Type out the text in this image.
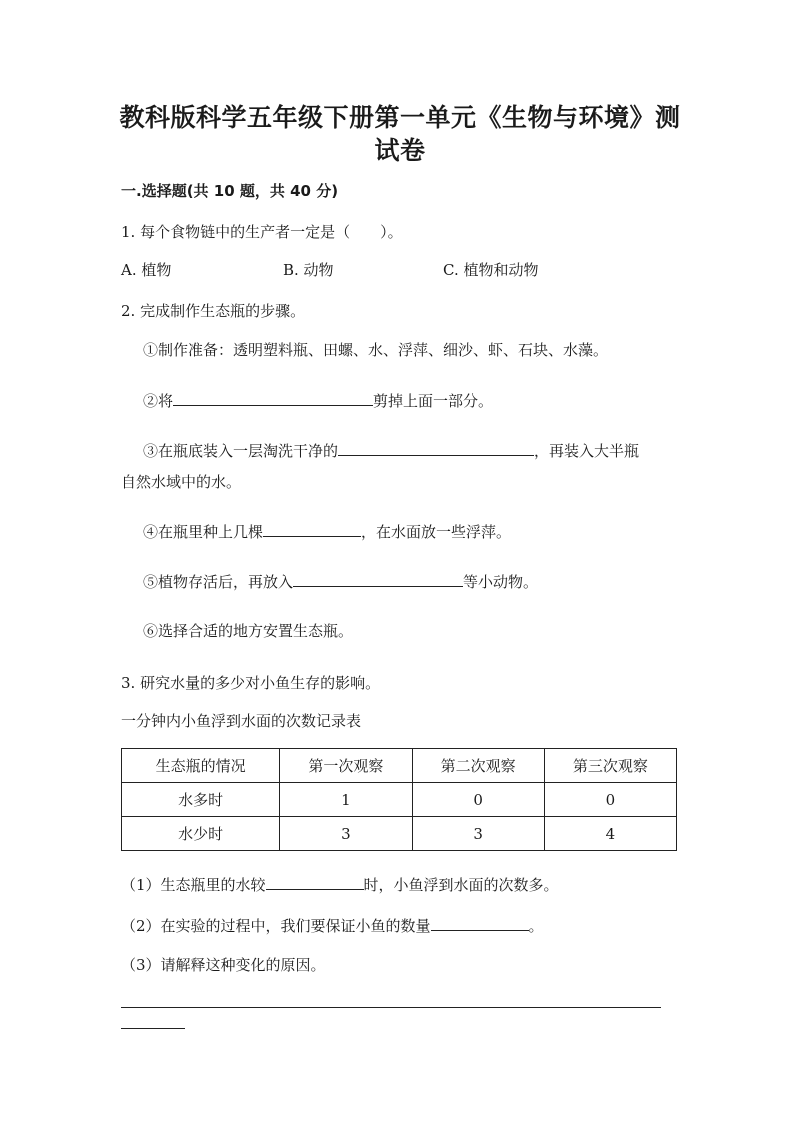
教科版科学五年级下册第一单元《生物与环境》测
试卷
一.选择题(共 10 题，共 40 分)
1. 每个食物链中的生产者一定是（　　）。
A. 植物	B. 动物	C. 植物和动物
2. 完成制作生态瓶的步骤。
①制作准备：透明塑料瓶、田螺、水、浮萍、细沙、虾、石块、水藻。
②将	剪掉上面一部分。
③在瓶底装入一层淘洗干净的	，再装入大半瓶
自然水域中的水。
④在瓶里种上几棵	，在水面放一些浮萍。
⑤植物存活后，再放入	等小动物。
⑥选择合适的地方安置生态瓶。
3. 研究水量的多少对小鱼生存的影响。
一分钟内小鱼浮到水面的次数记录表
生态瓶的情况	第一次观察	第二次观察	第三次观察
水多时	1	0	0
水少时	3	3	4
（1）生态瓶里的水较	时，小鱼浮到水面的次数多。
（2）在实验的过程中，我们要保证小鱼的数量	。
（3）请解释这种变化的原因。
